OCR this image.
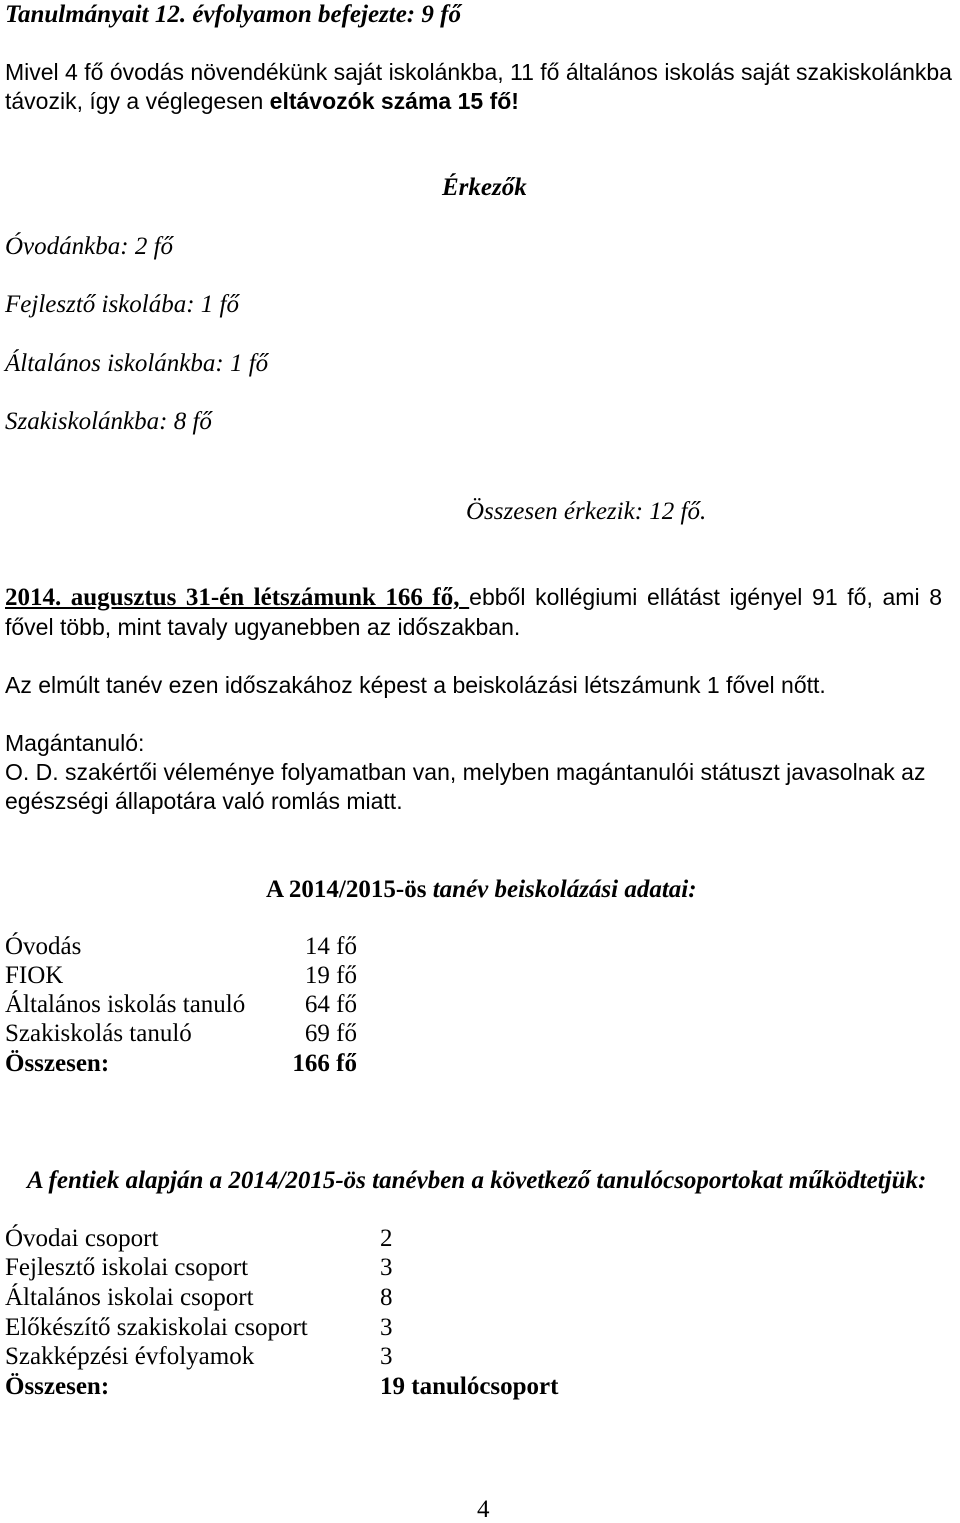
Tanulmányait 12. évfolyamon befejezte: 9 fő
Mivel 4 fő óvodás növendékünk saját iskolánkba, 11 fő általános iskolás saját szakiskolánkba
távozik, így a véglegesen eltávozók száma 15 fő!
Érkezők
Óvodánkba: 2 fő
Fejlesztő iskolába: 1 fő
Általános iskolánkba: 1 fő
Szakiskolánkba: 8 fő
Összesen érkezik: 12 fő.
2014. augusztus 31-én létszámunk 166 fő, ebből kollégiumi ellátást igényel 91 fő, ami 8
fővel több, mint tavaly ugyanebben az időszakban.
Az elmúlt tanév ezen időszakához képest a beiskolázási létszámunk 1 fővel nőtt.
Magántanuló:
O. D. szakértői véleménye folyamatban van, melyben magántanulói státuszt javasolnak az
egészségi állapotára való romlás miatt.
A 2014/2015-ös tanév beiskolázási adatai:
Óvodás	14 fő
FIOK	19 fő
Általános iskolás tanuló 64 fő
Szakiskolás tanuló	69 fő
Összesen:	166 fő
A fentiek alapján a 2014/2015-ös tanévben a következő tanulócsoportokat működtetjük:
Óvodai csoport	2
Fejlesztő iskolai csoport	3
Általános iskolai csoport	8
Előkészítő szakiskolai csoport	3
Szakképzési évfolyamok	3
Összesen:	19 tanulócsoport
4
